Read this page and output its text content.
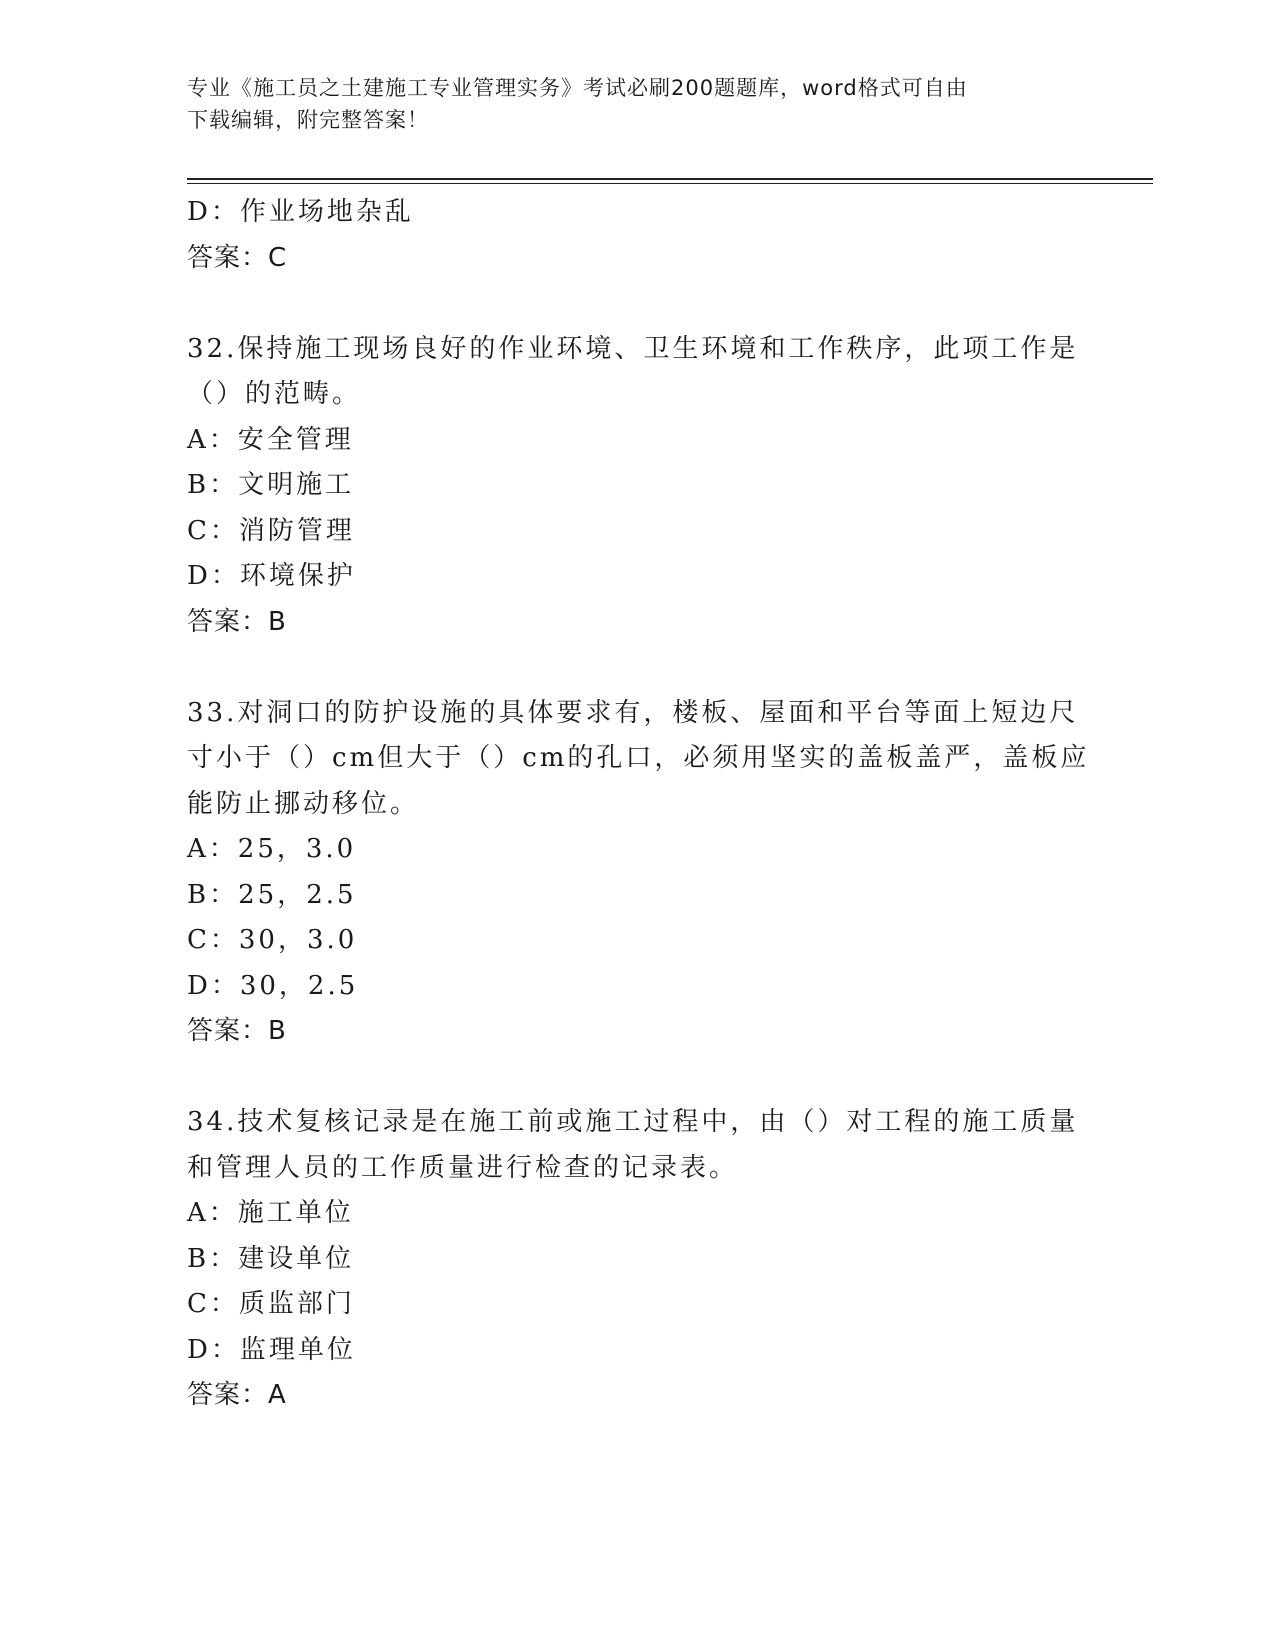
专业《施工员之土建施工专业管理实务》考试必刷200题题库，word格式可自由
下载编辑，附完整答案！
D：作业场地杂乱
答案：C
32.保持施工现场良好的作业环境、卫生环境和工作秩序，此项工作是
（）的范畴。
A：安全管理
B：文明施工
C：消防管理
D：环境保护
答案：B
33.对洞口的防护设施的具体要求有，楼板、屋面和平台等面上短边尺
寸小于（）cm但大于（）cm的孔口，必须用坚实的盖板盖严，盖板应
能防止挪动移位。
A：25，3.0
B：25，2.5
C：30，3.0
D：30，2.5
答案：B
34.技术复核记录是在施工前或施工过程中，由（）对工程的施工质量
和管理人员的工作质量进行检查的记录表。
A：施工单位
B：建设单位
C：质监部门
D：监理单位
答案：A
